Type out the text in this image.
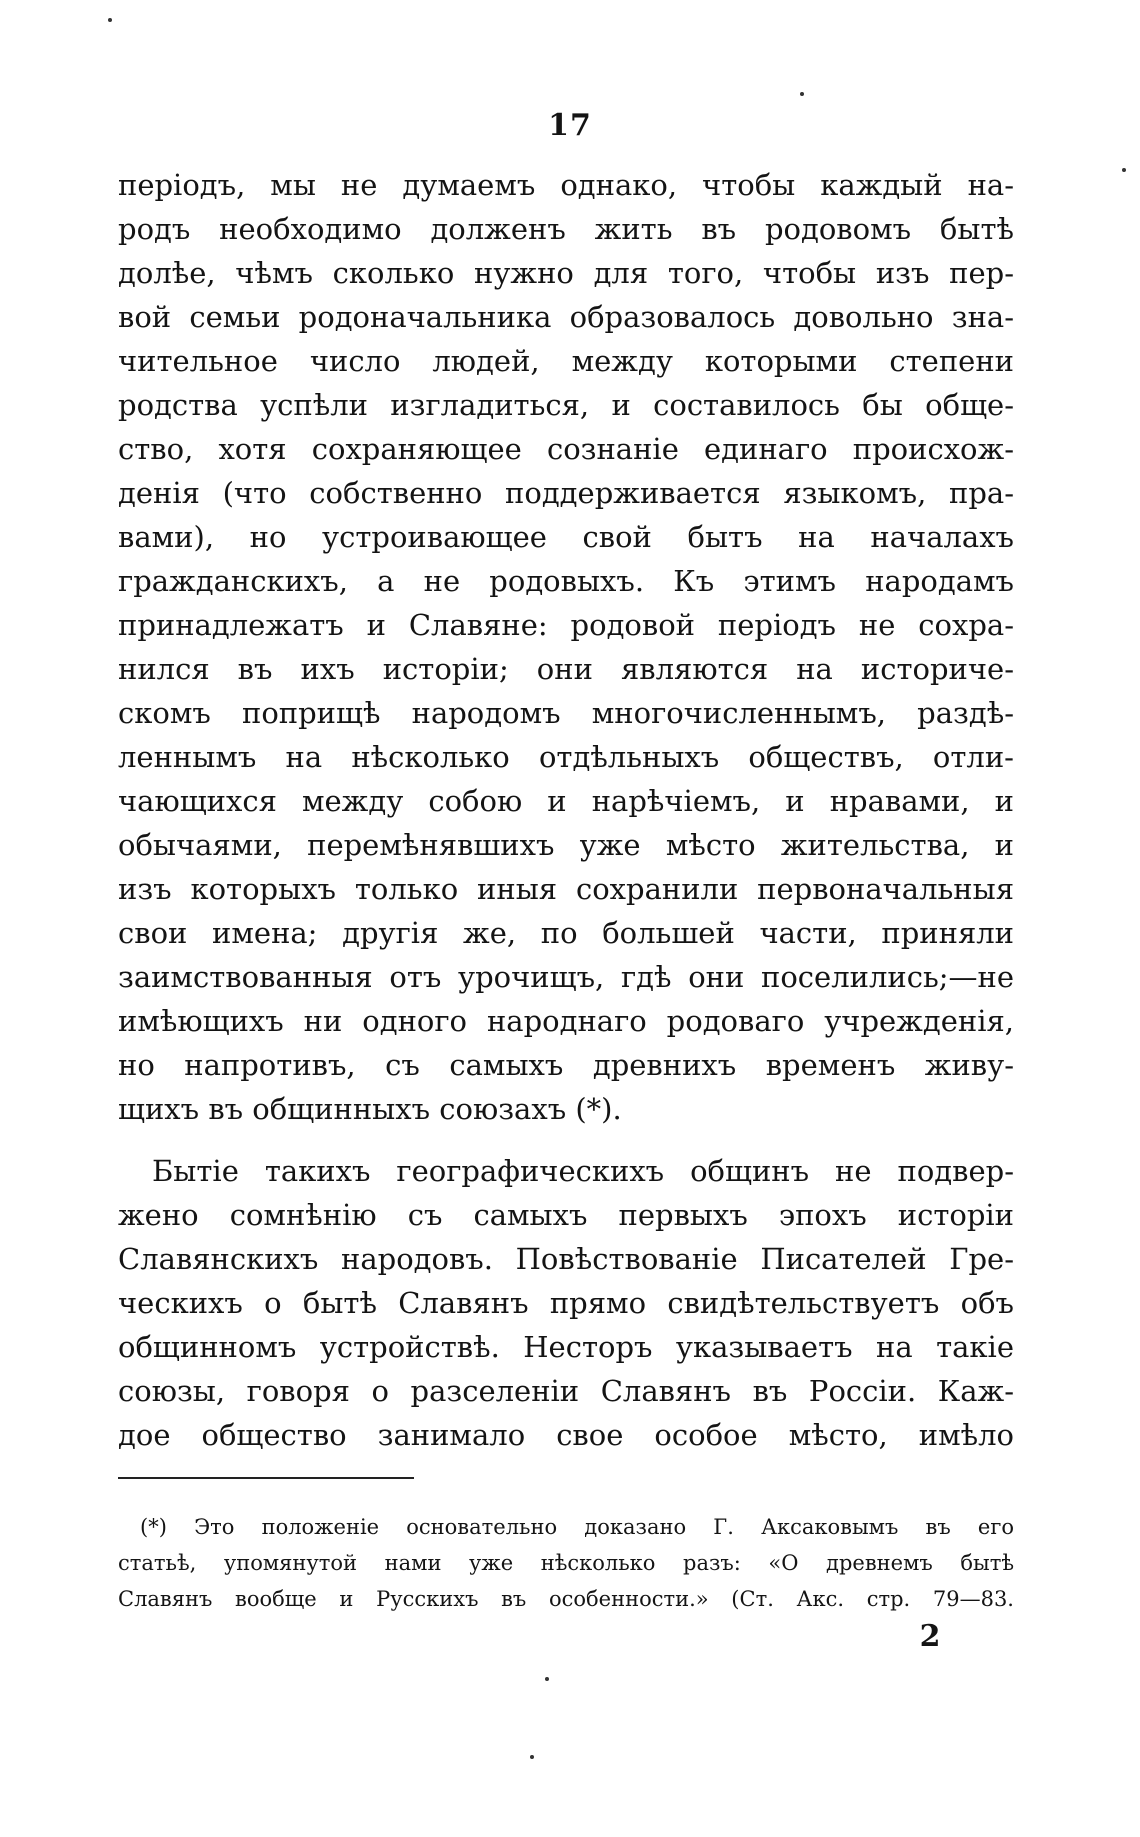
17
періодъ, мы не думаемъ однако, чтобы каждый на-
родъ необходимо долженъ жить въ родовомъ бытѣ
долѣе, чѣмъ сколько нужно для того, чтобы изъ пер-
вой семьи родоначальника образовалось довольно зна-
чительное число людей, между которыми степени
родства успѣли изгладиться, и составилось бы обще-
ство, хотя сохраняющее сознаніе единаго происхож-
денія (что собственно поддерживается языкомъ, пра-
вами), но устроивающее свой бытъ на началахъ
гражданскихъ, а не родовыхъ. Къ этимъ народамъ
принадлежатъ и Славяне: родовой періодъ не сохра-
нился въ ихъ исторіи; они являются на историче-
скомъ поприщѣ народомъ многочисленнымъ, раздѣ-
леннымъ на нѣсколько отдѣльныхъ обществъ, отли-
чающихся между собою и нарѣчіемъ, и нравами, и
обычаями, перемѣнявшихъ уже мѣсто жительства, и
изъ которыхъ только иныя сохранили первоначальныя
свои имена; другія же, по большей части, приняли
заимствованныя отъ урочищъ, гдѣ они поселились;—не
имѣющихъ ни одного народнаго родоваго учрежденія,
но напротивъ, съ самыхъ древнихъ временъ живу-
щихъ въ общинныхъ союзахъ (*).
Бытіе такихъ географическихъ общинъ не подвер-
жено сомнѣнію съ самыхъ первыхъ эпохъ исторіи
Славянскихъ народовъ. Повѣствованіе Писателей Гре-
ческихъ о бытѣ Славянъ прямо свидѣтельствуетъ объ
общинномъ устройствѣ. Несторъ указываетъ на такіе
союзы, говоря о разселеніи Славянъ въ Россіи. Каж-
дое общество занимало свое особое мѣсто, имѣло
(*) Это положеніе основательно доказано Г. Аксаковымъ въ его
статьѣ, упомянутой нами уже нѣсколько разъ: «О древнемъ бытѣ
Славянъ вообще и Русскихъ въ особенности.» (Ст. Акс. стр. 79—83.
2
